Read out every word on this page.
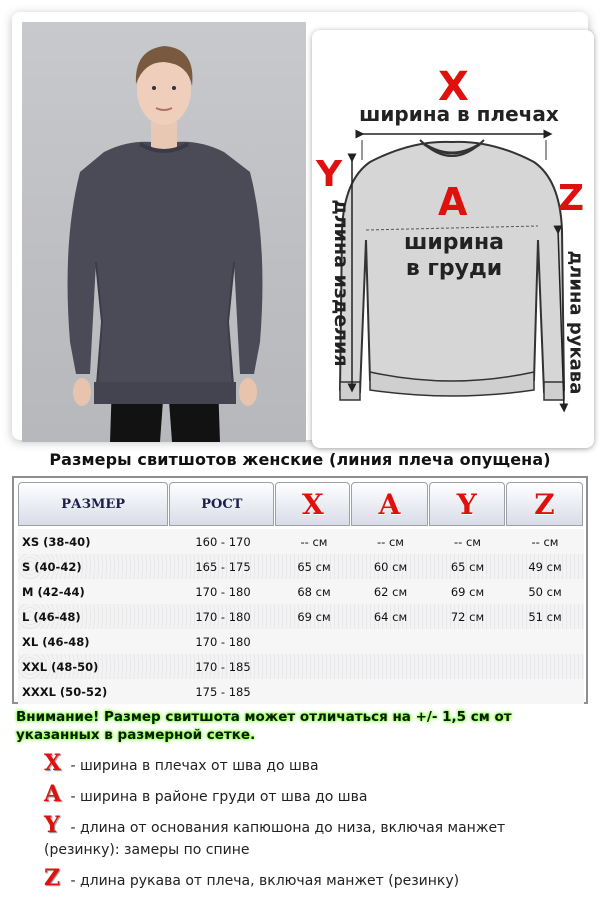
X
ширина в плечах
A
ширина
в груди
Y
длина изделия
Z
длина рукава
Размеры свитшотов женские (линия плеча опущена)
РАЗМЕР	РОСТ	X	A	Y	Z
XS (38-40)	160 - 170	-- см	-- см	-- см	-- см
S (40-42)	165 - 175	65 см	60 см	65 см	49 см
M (42-44)	170 - 180	68 см	62 см	69 см	50 см
L (46-48)	170 - 180	69 см	64 см	72 см	51 см
XL (46-48)	170 - 180
XXL (48-50)	170 - 185
XXXL (50-52)	175 - 185
Внимание! Размер свитшота может отличаться на +/- 1,5 см от указанных в размерной сетке.
X - ширина в плечах от шва до шва
A - ширина в районе груди от шва до шва
Y - длина от основания капюшона до низа, включая манжет (резинку): замеры по спине
Z - длина рукава от плеча, включая манжет (резинку)
